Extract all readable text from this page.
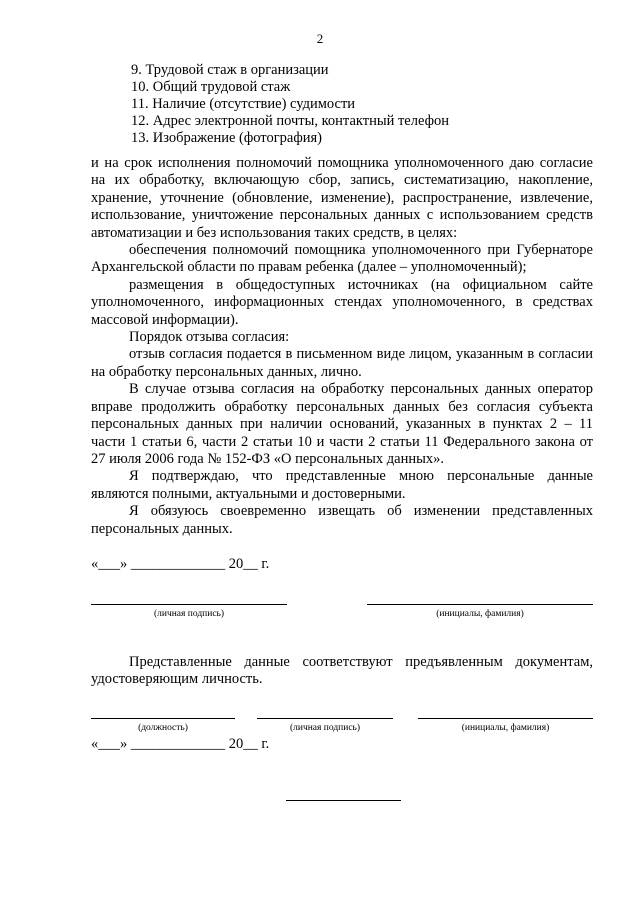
2
9. Трудовой стаж в организации
10. Общий трудовой стаж
11. Наличие (отсутствие) судимости
12. Адрес электронной почты, контактный телефон
13. Изображение (фотография)

и на срок исполнения полномочий помощника уполномоченного даю согласие на их обработку, включающую сбор, запись, систематизацию, накопление, хранение, уточнение (обновление, изменение), распространение, извлечение, использование, уничтожение персональных данных с использованием средств автоматизации и без использования таких средств, в целях:

обеспечения полномочий помощника уполномоченного при Губернаторе Архангельской области по правам ребенка (далее – уполномоченный);

размещения в общедоступных источниках (на официальном сайте уполномоченного, информационных стендах уполномоченного, в средствах массовой информации).

Порядок отзыва согласия:

отзыв согласия подается в письменном виде лицом, указанным в согласии на обработку персональных данных, лично.

В случае отзыва согласия на обработку персональных данных оператор вправе продолжить обработку персональных данных без согласия субъекта персональных данных при наличии оснований, указанных в пунктах 2 – 11 части 1 статьи 6, части 2 статьи 10 и части 2 статьи 11 Федерального закона от 27 июля 2006 года № 152-ФЗ «О персональных данных».

Я подтверждаю, что представленные мною персональные данные являются полными, актуальными и достоверными.

Я обязуюсь своевременно извещать об изменении представленных персональных данных.

«___» _____________ 20__ г.
(личная подпись)	(инициалы, фамилия)

Представленные данные соответствуют предъявленным документам, удостоверяющим личность.

(должность)	(личная подпись)	(инициалы, фамилия)
«___» _____________ 20__ г.
